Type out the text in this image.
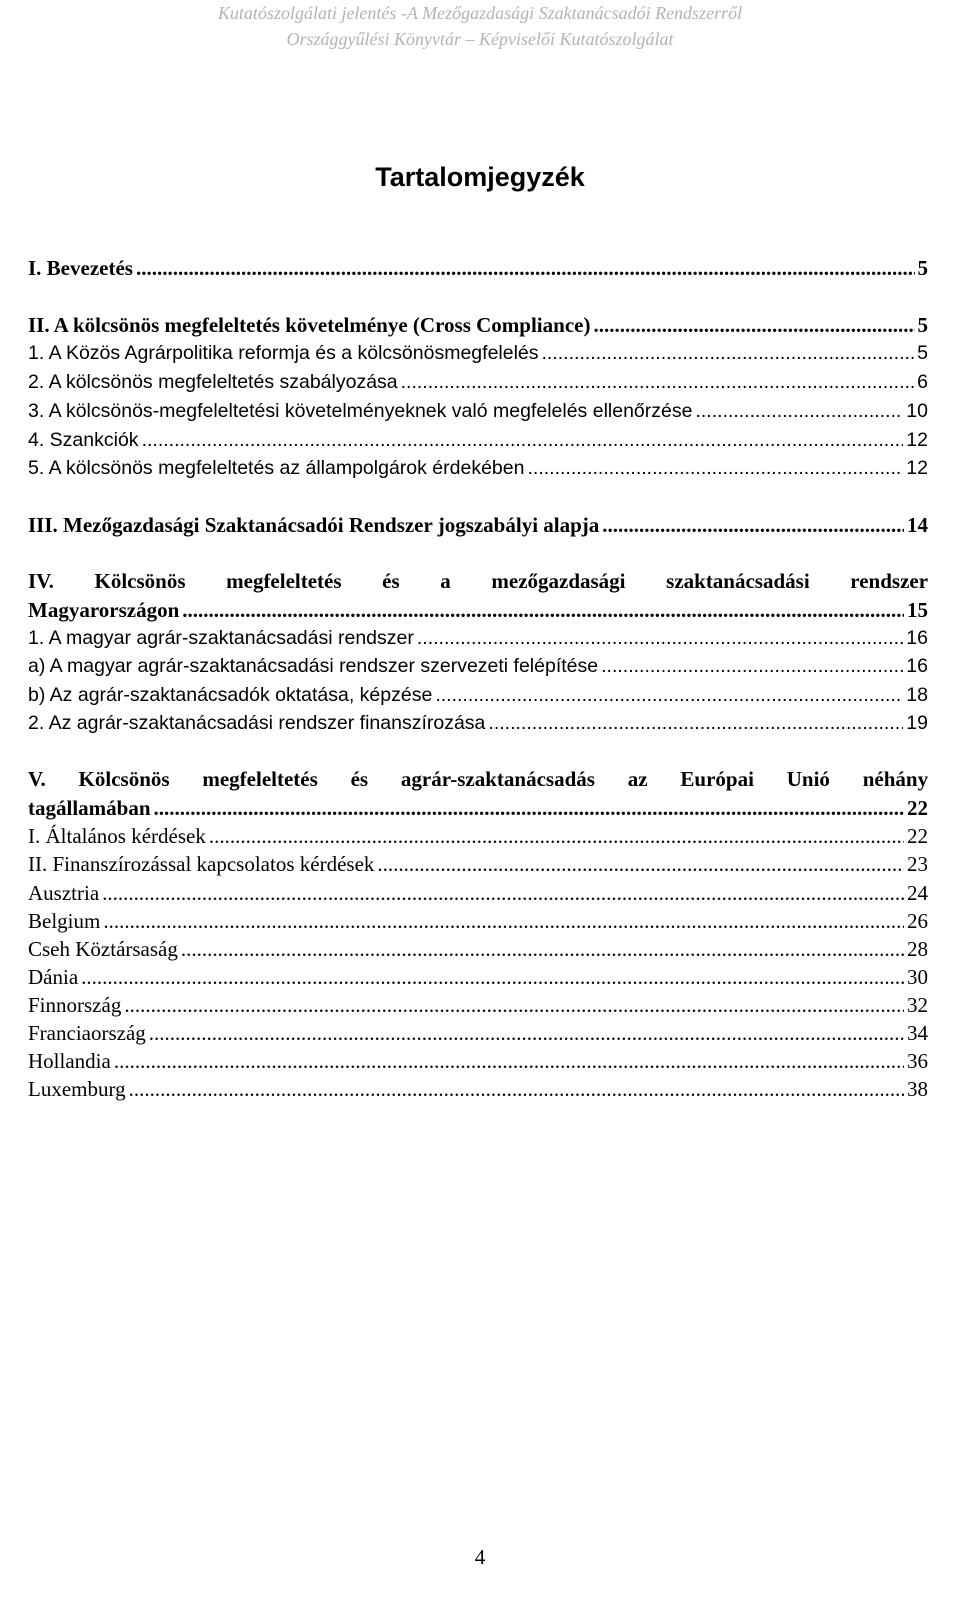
Kutatószolgálati jelentés -A Mezőgazdasági Szaktanácsadói Rendszerről
Országgyűlési Könyvtár – Képviselői Kutatószolgálat
Tartalomjegyzék
I. Bevezetés .....	5
II. A kölcsönös megfeleltetés követelménye (Cross Compliance) .....	5
1. A Közös Agrárpolitika reformja és a kölcsönösmegfelelés .....	5
2. A kölcsönös megfeleltetés szabályozása .....	6
3. A kölcsönös-megfeleltetési követelményeknek való megfelelés ellenőrzése .....	10
4. Szankciók .....	12
5. A kölcsönös megfeleltetés az állampolgárok érdekében .....	12
III. Mezőgazdasági Szaktanácsadói Rendszer jogszabályi alapja .....	14
IV. Kölcsönös megfeleltetés és a mezőgazdasági szaktanácsadási rendszer
Magyarországon .....	15
1. A magyar agrár-szaktanácsadási rendszer .....	16
a) A magyar agrár-szaktanácsadási rendszer szervezeti felépítése .....	16
b) Az agrár-szaktanácsadók oktatása, képzése .....	18
2. Az agrár-szaktanácsadási rendszer finanszírozása .....	19
V. Kölcsönös megfeleltetés és agrár-szaktanácsadás az Európai Unió néhány
tagállamában .....	22
I. Általános kérdések .....	22
II. Finanszírozással kapcsolatos kérdések .....	23
Ausztria .....	24
Belgium .....	26
Cseh Köztársaság .....	28
Dánia .....	30
Finnország .....	32
Franciaország .....	34
Hollandia .....	36
Luxemburg .....	38
4
